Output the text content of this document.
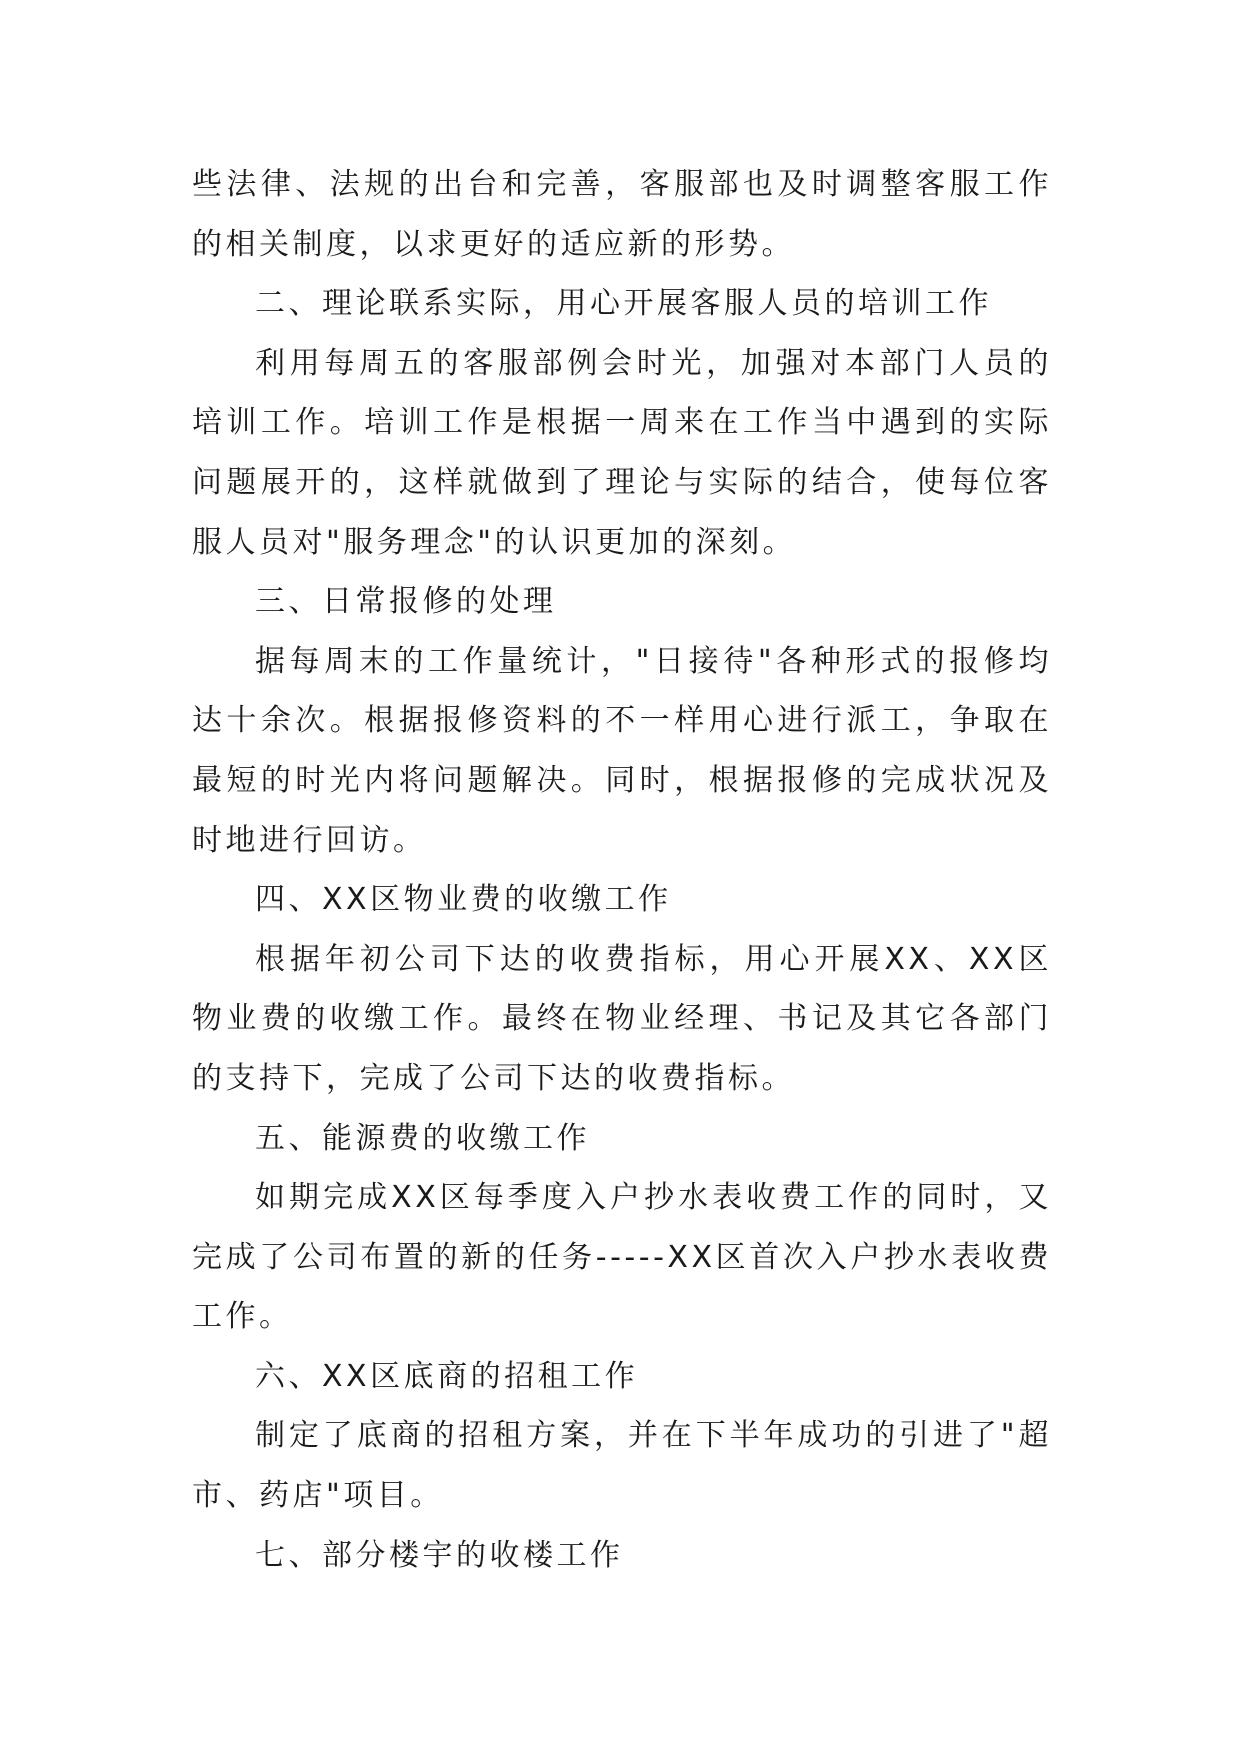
些法律、法规的出台和完善，客服部也及时调整客服工作的相关制度，以求更好的适应新的形势。

二、理论联系实际，用心开展客服人员的培训工作

利用每周五的客服部例会时光，加强对本部门人员的培训工作。培训工作是根据一周来在工作当中遇到的实际问题展开的，这样就做到了理论与实际的结合，使每位客服人员对"服务理念"的认识更加的深刻。

三、日常报修的处理

据每周末的工作量统计，"日接待"各种形式的报修均达十余次。根据报修资料的不一样用心进行派工，争取在最短的时光内将问题解决。同时，根据报修的完成状况及时地进行回访。

四、XX区物业费的收缴工作

根据年初公司下达的收费指标，用心开展XX、XX区物业费的收缴工作。最终在物业经理、书记及其它各部门的支持下，完成了公司下达的收费指标。

五、能源费的收缴工作

如期完成XX区每季度入户抄水表收费工作的同时，又完成了公司布置的新的任务-----XX区首次入户抄水表收费工作。

六、XX区底商的招租工作

制定了底商的招租方案，并在下半年成功的引进了"超市、药店"项目。

七、部分楼宇的收楼工作
